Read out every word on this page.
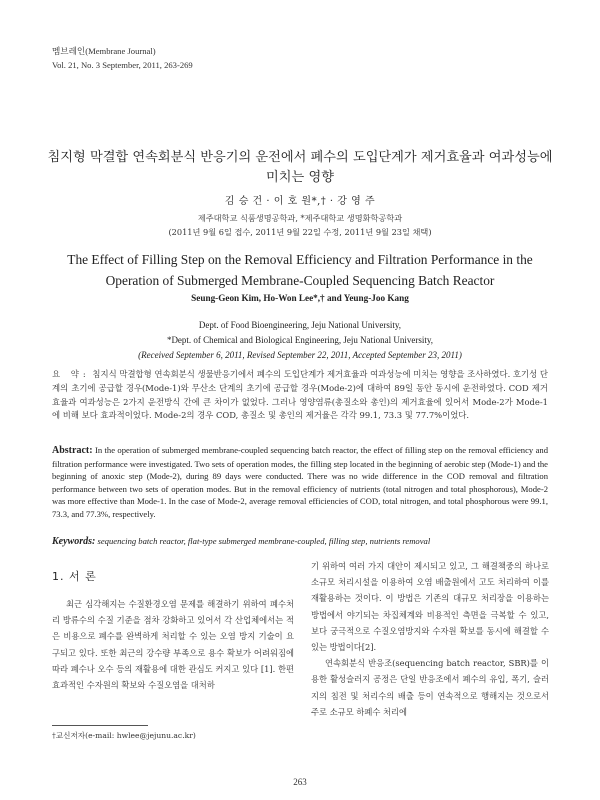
멤브레인(Membrane Journal)
Vol. 21, No. 3 September, 2011, 263-269
침지형 막결합 연속회분식 반응기의 운전에서 폐수의 도입단계가 제거효율과 여과성능에
미치는 영향
김 승 건 · 이 호 원*,† · 강 영 주
제주대학교 식품생명공학과, *제주대학교 생명화학공학과
(2011년 9월 6일 접수, 2011년 9월 22일 수정, 2011년 9월 23일 채택)
The Effect of Filling Step on the Removal Efficiency and Filtration Performance in the
Operation of Submerged Membrane-Coupled Sequencing Batch Reactor
Seung-Geon Kim, Ho-Won Lee*,† and Yeung-Joo Kang
Dept. of Food Bioengineering, Jeju National University,
*Dept. of Chemical and Biological Engineering, Jeju National University,
(Received September 6, 2011, Revised September 22, 2011, Accepted September 23, 2011)
요 약: 침지식 막결합형 연속회분식 생물반응기에서 폐수의 도입단계가 제거효율과 여과성능에 미치는 영향을 조사하였다. 호기성 단계의 초기에 공급할 경우(Mode-1)와 무산소 단계의 초기에 공급할 경우(Mode-2)에 대하여 89일 동안 동시에 운전하였다. COD 제거효율과 여과성능은 2가지 운전방식 간에 큰 차이가 없었다. 그러나 영양염류(총질소와 총인)의 제거효율에 있어서 Mode-2가 Mode-1에 비해 보다 효과적이었다. Mode-2의 경우 COD, 총질소 및 총인의 제거율은 각각 99.1, 73.3 및 77.7%이었다.
Abstract: In the operation of submerged membrane-coupled sequencing batch reactor, the effect of filling step on the removal efficiency and filtration performance were investigated. Two sets of operation modes, the filling step located in the beginning of aerobic step (Mode-1) and the beginning of anoxic step (Mode-2), during 89 days were conducted. There was no wide difference in the COD removal and filtration performance between two sets of operation modes. But in the removal efficiency of nutrients (total nitrogen and total phosphorous), Mode-2 was more effective than Mode-1. In the case of Mode-2, average removal efficiencies of COD, total nitrogen, and total phosphorous were 99.1, 73.3, and 77.3%, respectively.
Keywords: sequencing batch reactor, flat-type submerged membrane-coupled, filling step, nutrients removal
1. 서 론
최근 심각해지는 수질환경오염 문제를 해결하기 위하여 폐수처리 방류수의 수질 기준을 점차 강화하고 있어서 각 산업체에서는 적은 비용으로 폐수를 완벽하게 처리할 수 있는 오염 방지 기술이 요구되고 있다. 또한 최근의 강수량 부족으로 용수 확보가 어려워짐에 따라 폐수나 오수 등의 재활용에 대한 관심도 커지고 있다 [1]. 한편 효과적인 수자원의 확보와 수질오염을 대처하

기 위하여 여러 가지 대안이 제시되고 있고, 그 해결책중의 하나로 소규모 처리시설을 이용하여 오염 배출원에서 고도 처리하여 이를 재활용하는 것이다. 이 방법은 기존의 대규모 처리장을 이용하는 방법에서 야기되는 차집체계와 비용적인 측면을 극복할 수 있고, 보다 궁극적으로 수질오염방지와 수자원 확보를 동시에 해결할 수 있는 방법이다[2].

연속회분식 반응조(sequencing batch reactor, SBR)를 이용한 활성슬러지 공정은 단일 반응조에서 폐수의 유입, 폭기, 슬러지의 침전 및 처리수의 배출 등이 연속적으로 행해지는 것으로서 주로 소규모 하폐수 처리에

†교신저자(e-mail: hwlee@jejunu.ac.kr)
263
